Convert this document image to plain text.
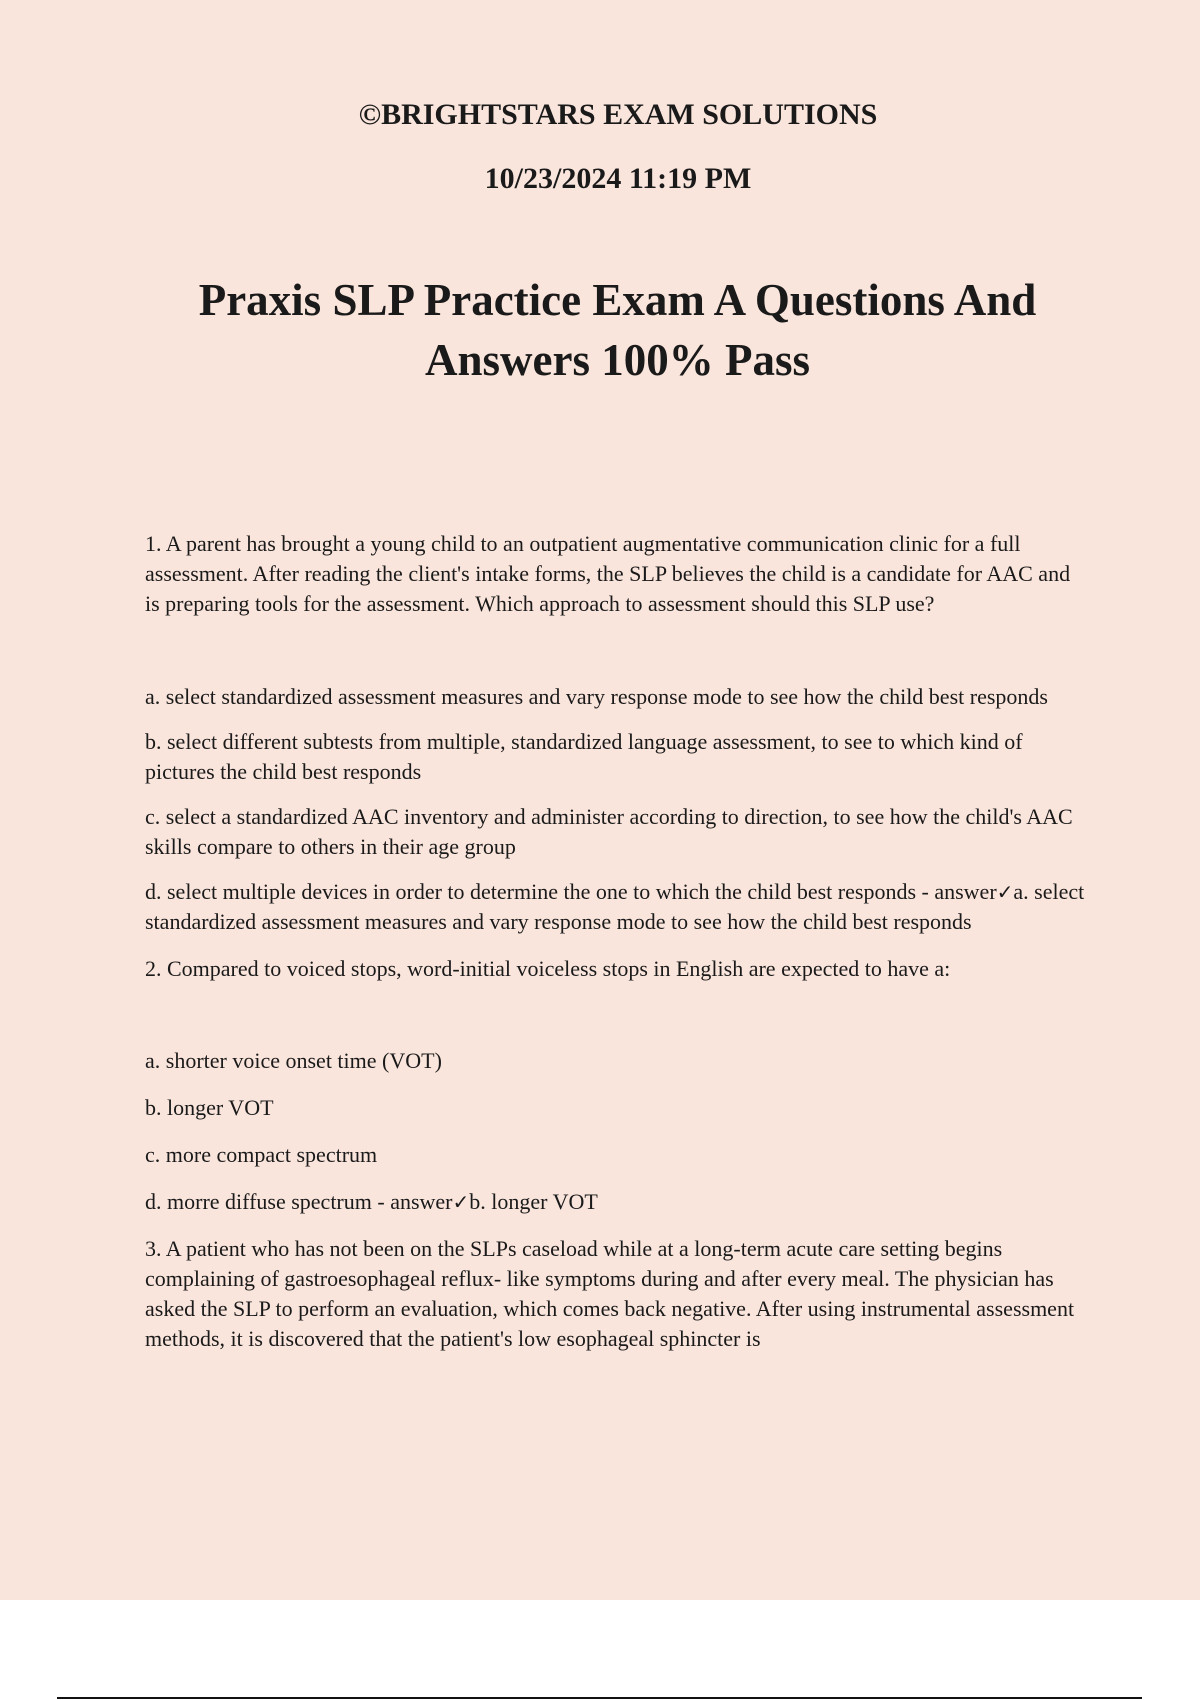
©BRIGHTSTARS EXAM SOLUTIONS
10/23/2024 11:19 PM
Praxis SLP Practice Exam A Questions And Answers 100% Pass

1. A parent has brought a young child to an outpatient augmentative communication clinic for a full assessment. After reading the client's intake forms, the SLP believes the child is a candidate for AAC and is preparing tools for the assessment. Which approach to assessment should this SLP use?

a. select standardized assessment measures and vary response mode to see how the child best responds

b. select different subtests from multiple, standardized language assessment, to see to which kind of pictures the child best responds

c. select a standardized AAC inventory and administer according to direction, to see how the child's AAC skills compare to others in their age group

d. select multiple devices in order to determine the one to which the child best responds - answer✓a. select standardized assessment measures and vary response mode to see how the child best responds

2. Compared to voiced stops, word-initial voiceless stops in English are expected to have a:

a. shorter voice onset time (VOT)

b. longer VOT

c. more compact spectrum

d. morre diffuse spectrum - answer✓b. longer VOT

3. A patient who has not been on the SLPs caseload while at a long-term acute care setting begins complaining of gastroesophageal reflux- like symptoms during and after every meal. The physician has asked the SLP to perform an evaluation, which comes back negative. After using instrumental assessment methods, it is discovered that the patient's low esophageal sphincter is
